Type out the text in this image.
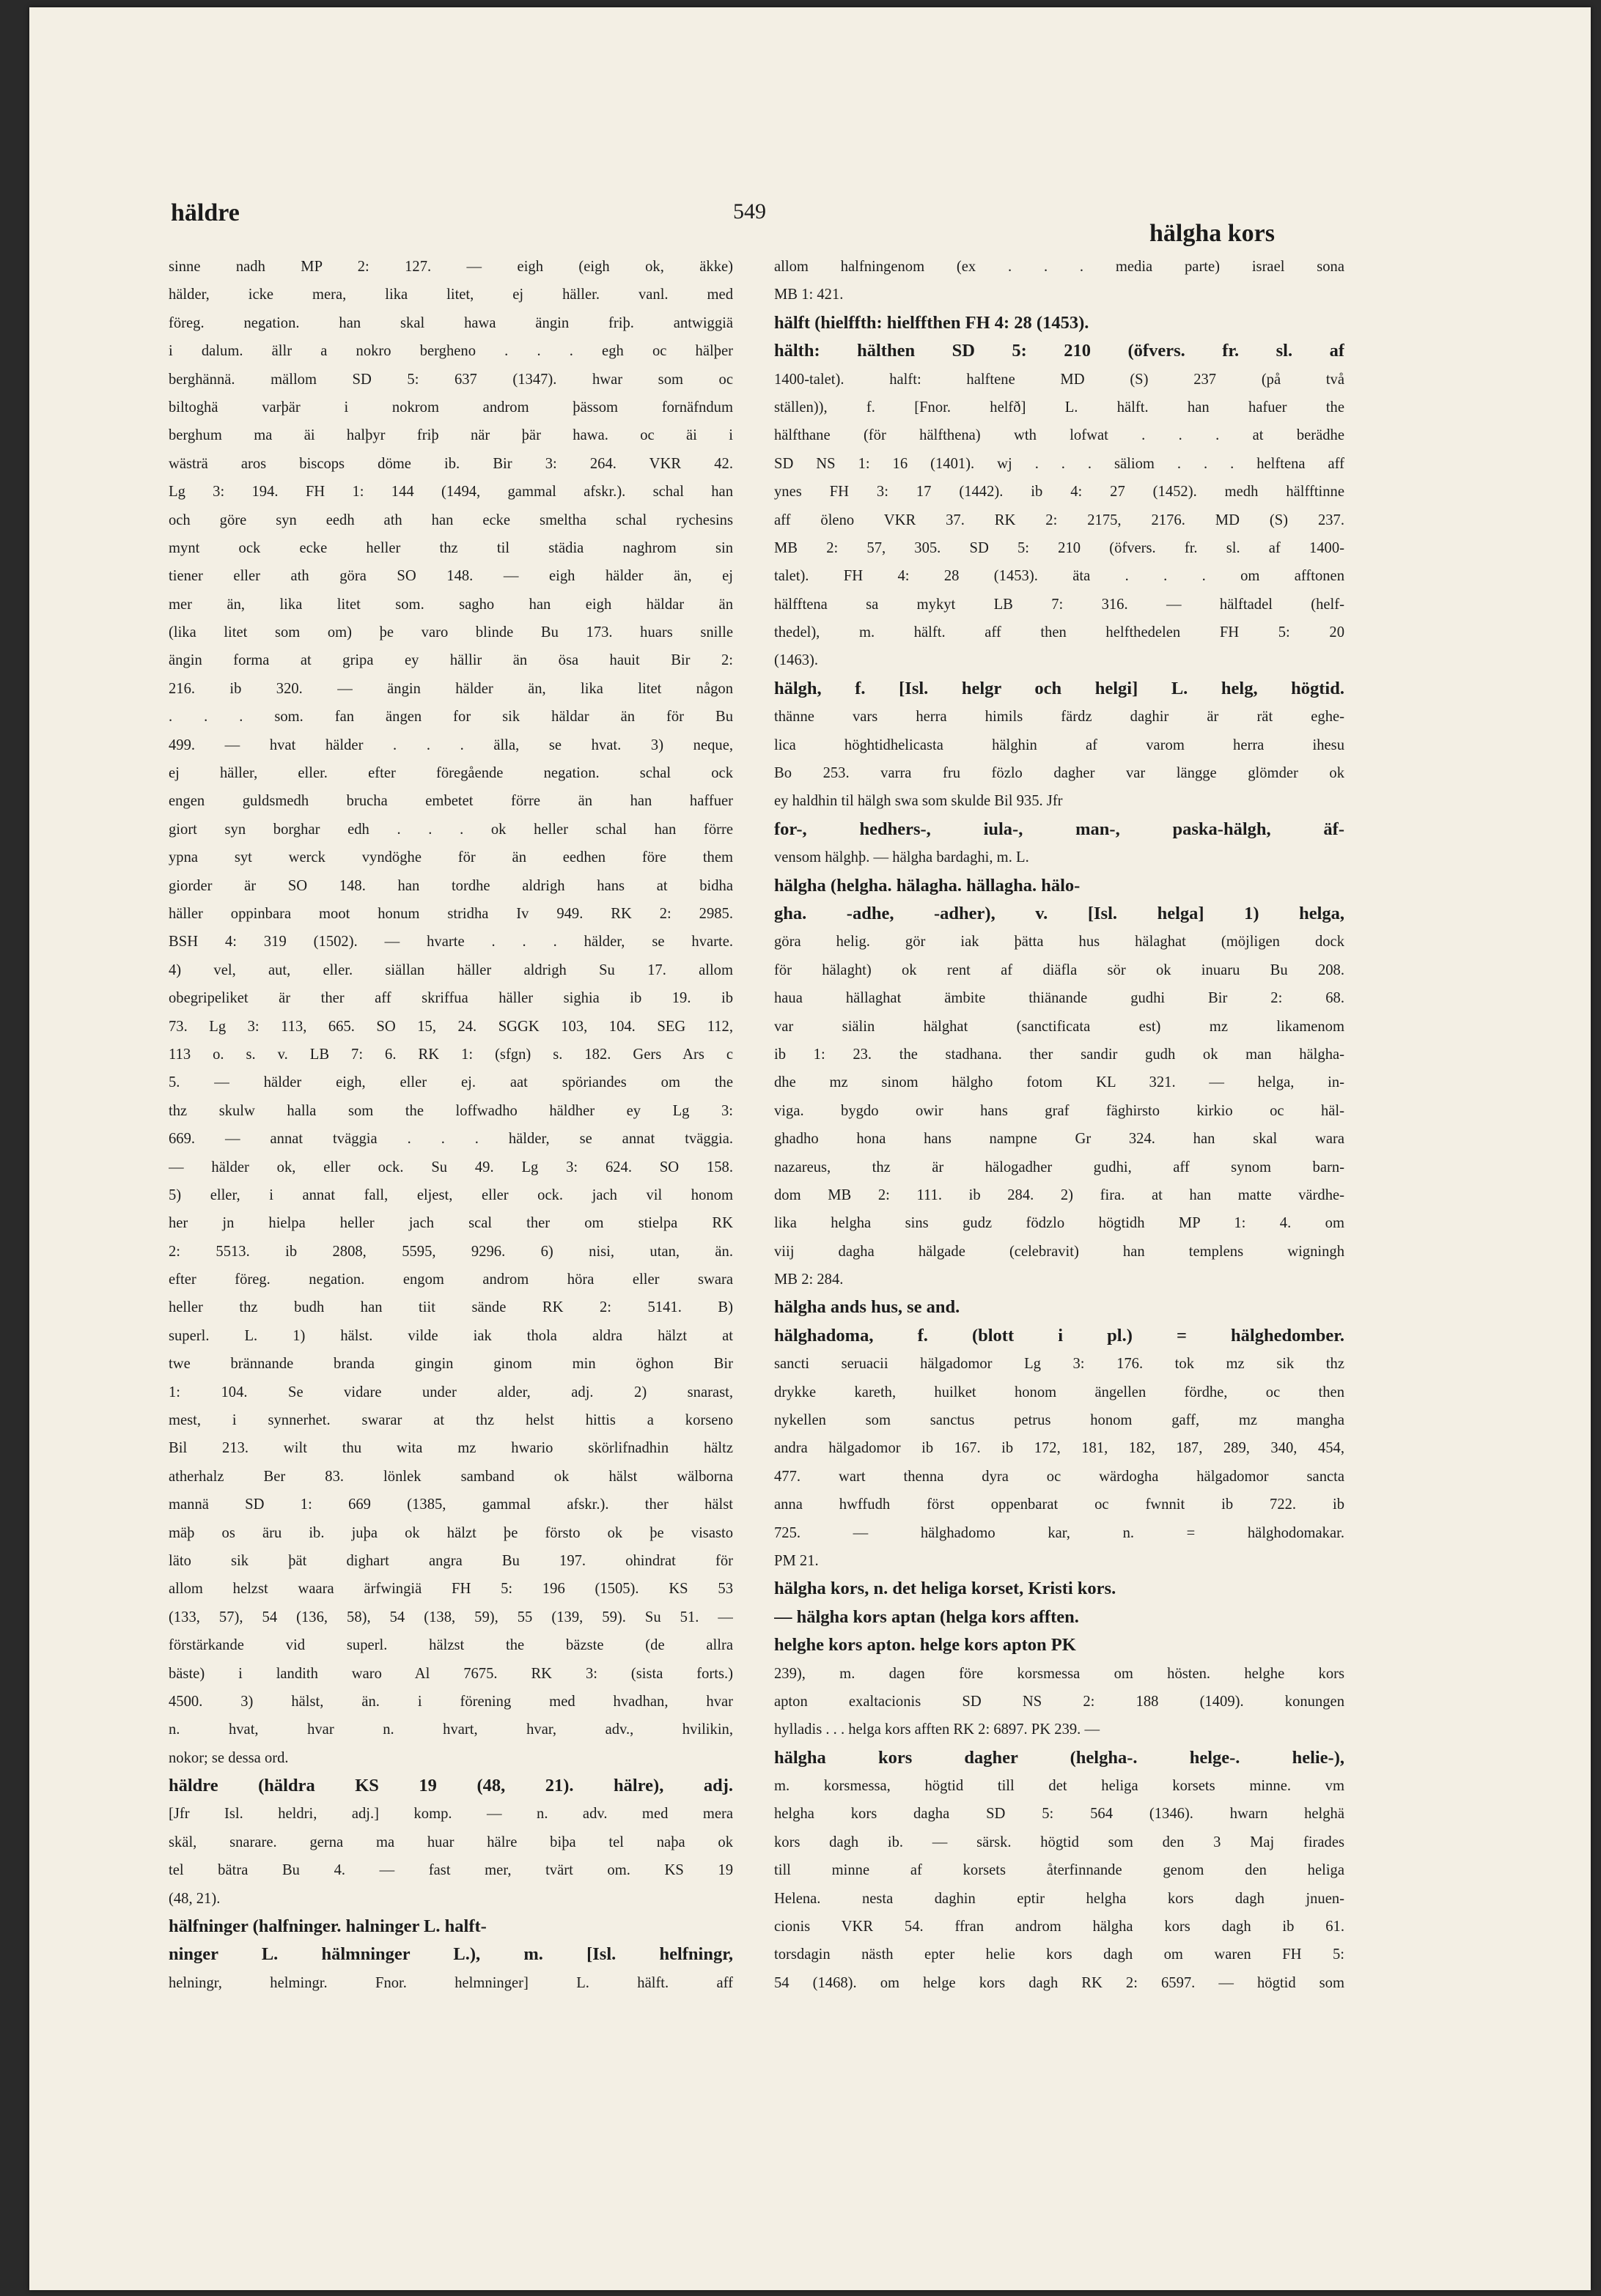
häldre	549
hälgha kors
sinne nadh MP 2: 127. — eigh (eigh ok, äkke)
hälder, icke mera, lika litet, ej häller. vanl. med
föreg. negation. han skal hawa ängin friþ. antwiggiä
i dalum. ällr a nokro bergheno . . . egh oc hälþer
berghännä. mällom SD 5: 637 (1347). hwar som oc
biltoghä varþär i nokrom androm þässom fornäfndum
berghum ma äi halþyr friþ när þär hawa. oc äi i
wästrä aros biscops döme ib. Bir 3: 264. VKR 42.
Lg 3: 194. FH 1: 144 (1494, gammal afskr.). schal han
och göre syn eedh ath han ecke smeltha schal rychesins
mynt ock ecke heller thz til städia naghrom sin
tiener eller ath göra SO 148. — eigh hälder än, ej
mer än, lika litet som. sagho han eigh häldar än
(lika litet som om) þe varo blinde Bu 173. huars snille
ängin forma at gripa ey hällir än ösa hauit Bir 2:
216. ib 320. — ängin hälder än, lika litet någon
. . . som. fan ängen for sik häldar än för Bu
499. — hvat hälder . . . älla, se hvat. 3) neque,
ej häller, eller. efter föregående negation. schal ock
engen guldsmedh brucha embetet förre än han haffuer
giort syn borghar edh . . . ok heller schal han förre
ypna syt werck vyndöghe för än eedhen före them
giorder är SO 148. han tordhe aldrigh hans at bidha
häller oppinbara moot honum stridha Iv 949. RK 2: 2985.
BSH 4: 319 (1502). — hvarte . . . hälder, se hvarte.
4) vel, aut, eller. siällan häller aldrigh Su 17. allom
obegripeliket är ther aff skriffua häller sighia ib 19. ib
73. Lg 3: 113, 665. SO 15, 24. SGGK 103, 104. SEG 112,
113 o. s. v. LB 7: 6. RK 1: (sfgn) s. 182. Gers Ars c
5. — hälder eigh, eller ej. aat spöriandes om the
thz skulw halla som the loffwadho häldher ey Lg 3:
669. — annat tväggia . . . hälder, se annat tväggia.
— hälder ok, eller ock. Su 49. Lg 3: 624. SO 158.
5) eller, i annat fall, eljest, eller ock. jach vil honom
her jn hielpa heller jach scal ther om stielpa RK
2: 5513. ib 2808, 5595, 9296. 6) nisi, utan, än.
efter föreg. negation. engom androm höra eller swara
heller thz budh han tiit sände RK 2: 5141. B)
superl. L. 1) hälst. vilde iak thola aldra hälzt at
twe brännande branda gingin ginom min öghon Bir
1: 104. Se vidare under alder, adj. 2) snarast,
mest, i synnerhet. swarar at thz helst hittis a korseno
Bil 213. wilt thu wita mz hwario skörlifnadhin hältz
atherhalz Ber 83. lönlek samband ok hälst wälborna
mannä SD 1: 669 (1385, gammal afskr.). ther hälst
mäþ os äru ib. juþa ok hälzt þe försto ok þe visasto
läto sik þät dighart angra Bu 197. ohindrat för
allom helzst waara ärfwingiä FH 5: 196 (1505). KS 53
(133, 57), 54 (136, 58), 54 (138, 59), 55 (139, 59). Su 51. —
förstärkande vid superl. hälzst the bäzste (de allra
bäste) i landith waro Al 7675. RK 3: (sista forts.)
4500. 3) hälst, än. i förening med hvadhan, hvar
n. hvat, hvar n. hvart, hvar, adv., hvilikin,
nokor; se dessa ord.
häldre (häldra KS 19 (48, 21). hälre), adj.
[Jfr Isl. heldri, adj.] komp. — n. adv. med mera
skäl, snarare. gerna ma huar hälre biþa tel naþa ok
tel bätra Bu 4. — fast mer, tvärt om. KS 19
(48, 21).
hälfninger (halfninger. halninger L. halft-
ninger L. hälmninger L.), m. [Isl. helfningr,
helningr, helmingr. Fnor. helmninger] L. hälft. aff
allom halfningenom (ex . . . media parte) israel sona
MB 1: 421.
hälft (hielffth: hielffthen FH 4: 28 (1453).
hälth: hälthen SD 5: 210 (öfvers. fr. sl. af
1400-talet). halft: halftene MD (S) 237 (på två
ställen)), f. [Fnor. helfð] L. hälft. han hafuer the
hälfthane (för hälfthena) wth lofwat . . . at berädhe
SD NS 1: 16 (1401). wj . . . säliom . . . helftena aff
ynes FH 3: 17 (1442). ib 4: 27 (1452). medh hälfftinne
aff öleno VKR 37. RK 2: 2175, 2176. MD (S) 237.
MB 2: 57, 305. SD 5: 210 (öfvers. fr. sl. af 1400-
talet). FH 4: 28 (1453). äta . . . om afftonen
hälfftena sa mykyt LB 7: 316. — hälftadel (helf-
thedel), m. hälft. aff then helfthedelen FH 5: 20
(1463).
hälgh, f. [Isl. helgr och helgi] L. helg, högtid.
thänne vars herra himils färdz daghir är rät eghe-
lica höghtidhelicasta hälghin af varom herra ihesu
Bo 253. varra fru fözlo dagher var längge glömder ok
ey haldhin til hälgh swa som skulde Bil 935. Jfr
for-, hedhers-, iula-, man-, paska-hälgh, äf-
vensom hälghþ. — hälgha bardaghi, m. L.
hälgha (helgha. hälagha. hällagha. hälo-
gha. -adhe, -adher), v. [Isl. helga] 1) helga,
göra helig. gör iak þätta hus hälaghat (möjligen dock
för hälaght) ok rent af diäfla sör ok inuaru Bu 208.
haua hällaghat ämbite thiänande gudhi Bir 2: 68.
var siälin hälghat (sanctificata est) mz likamenom
ib 1: 23. the stadhana. ther sandir gudh ok man hälgha-
dhe mz sinom hälgho fotom KL 321. — helga, in-
viga. bygdo owir hans graf fäghirsto kirkio oc häl-
ghadho hona hans nampne Gr 324. han skal wara
nazareus, thz är hälogadher gudhi, aff synom barn-
dom MB 2: 111. ib 284. 2) fira. at han matte värdhe-
lika helgha sins gudz födzlo högtidh MP 1: 4. om
viij dagha hälgade (celebravit) han templens wigningh
MB 2: 284.
hälgha ands hus, se and.
hälghadoma, f. (blott i pl.) = hälghedomber.
sancti seruacii hälgadomor Lg 3: 176. tok mz sik thz
drykke kareth, huilket honom ängellen fördhe, oc then
nykellen som sanctus petrus honom gaff, mz mangha
andra hälgadomor ib 167. ib 172, 181, 182, 187, 289, 340, 454,
477. wart thenna dyra oc wärdogha hälgadomor sancta
anna hwffudh först oppenbarat oc fwnnit ib 722. ib
725. — hälghadomo kar, n. = hälghodomakar.
PM 21.
hälgha kors, n. det heliga korset, Kristi kors.
— hälgha kors aptan (helga kors afften.
helghe kors apton. helge kors apton PK
239), m. dagen före korsmessa om hösten. helghe kors
apton exaltacionis SD NS 2: 188 (1409). konungen
hylladis . . . helga kors afften RK 2: 6897. PK 239. —
hälgha kors dagher (helgha-. helge-. helie-),
m. korsmessa, högtid till det heliga korsets minne. vm
helgha kors dagha SD 5: 564 (1346). hwarn helghä
kors dagh ib. — särsk. högtid som den 3 Maj firades
till minne af korsets återfinnande genom den heliga
Helena. nesta daghin eptir helgha kors dagh jnuen-
cionis VKR 54. ffran androm hälgha kors dagh ib 61.
torsdagin nästh epter helie kors dagh om waren FH 5:
54 (1468). om helge kors dagh RK 2: 6597. — högtid som
